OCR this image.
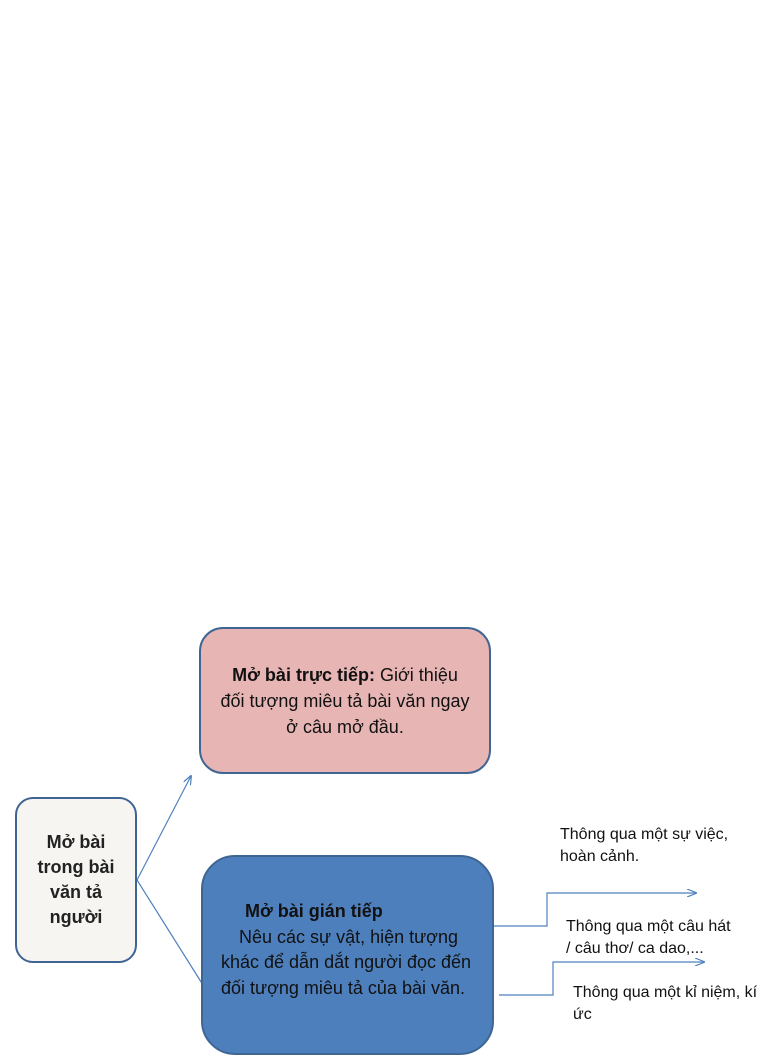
Mở bài trong bài văn tả người
Mở bài trực tiếp: Giới thiệu đối tượng miêu tả bài văn ngay ở câu mở đầu.
Mở bài gián tiếp
Nêu các sự vật, hiện tượng khác để dẫn dắt người đọc đến đối tượng miêu tả của bài văn.
Thông qua một sự việc, hoàn cảnh.
Thông qua một câu hát / câu thơ/ ca dao,...
Thông qua một kỉ niệm, kí ức
